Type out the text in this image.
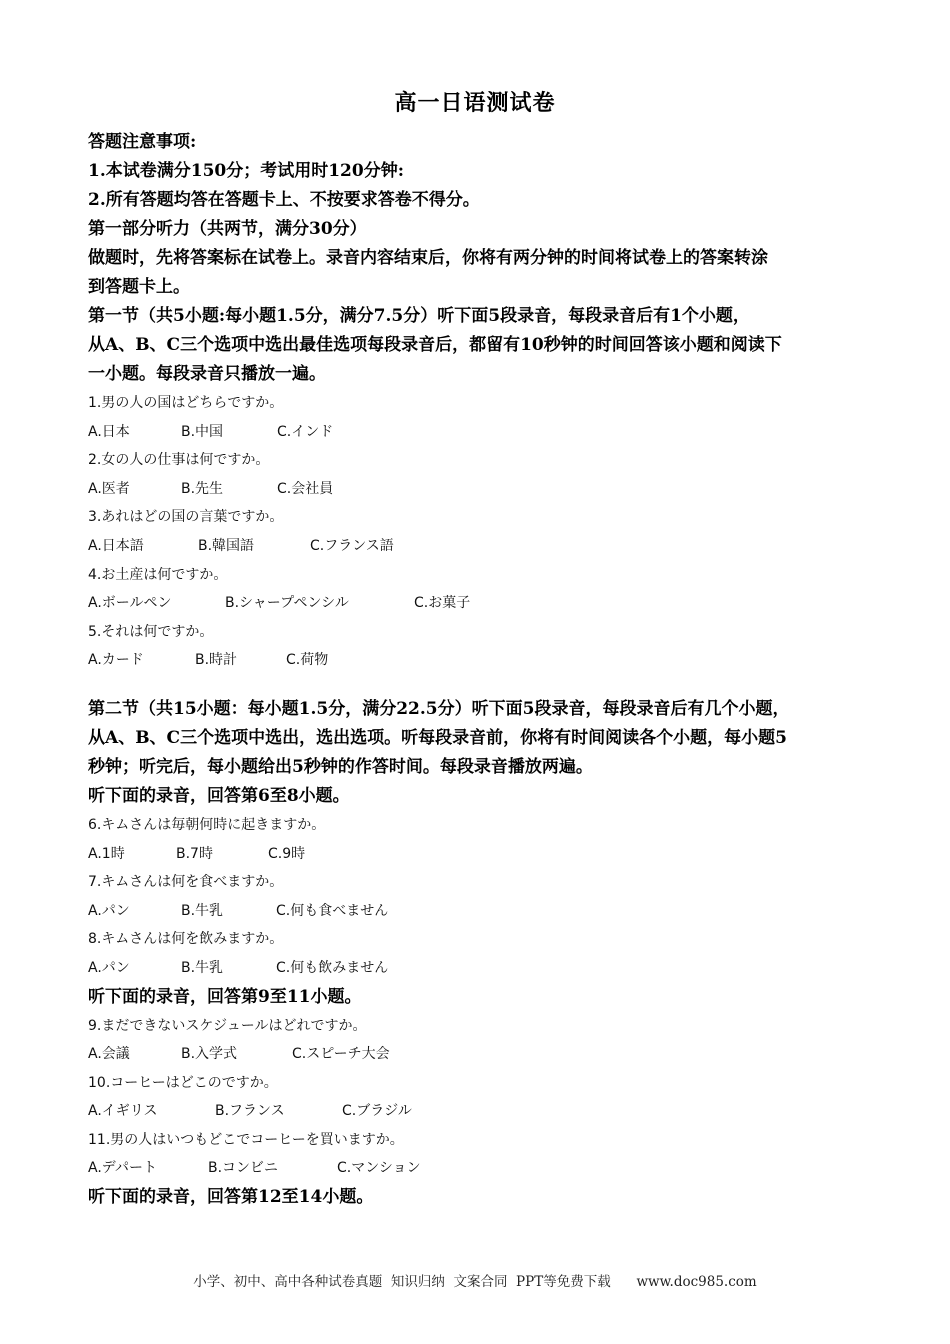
高一日语测试卷
答题注意事项:
1.本试卷满分150分；考试用时120分钟:
2.所有答题均答在答题卡上、不按要求答卷不得分。
第一部分听力（共两节，满分30分）
做题时，先将答案标在试卷上。录音内容结束后，你将有两分钟的时间将试卷上的答案转涂
到答题卡上。
第一节（共5小题:每小题1.5分，满分7.5分）听下面5段录音，每段录音后有1个小题，
从A、B、C三个选项中选出最佳选项每段录音后，都留有10秒钟的时间回答该小题和阅读下
一小题。每段录音只播放一遍。
1.男の人の国はどちらですか。
A.日本	B.中国	C.インド
2.女の人の仕事は何ですか。
A.医者	B.先生	C.会社員
3.あれはどの国の言葉ですか。
A.日本語	B.韓国語	C.フランス語
4.お土産は何ですか。
A.ボールペン	B.シャープペンシル	C.お菓子
5.それは何ですか。
A.カード	B.時計	C.荷物
第二节（共15小题：每小题1.5分，满分22.5分）听下面5段录音，每段录音后有几个小题，
从A、B、C三个选项中选出，选出选项。听每段录音前，你将有时间阅读各个小题，每小题5
秒钟；听完后，每小题给出5秒钟的作答时间。每段录音播放两遍。
听下面的录音，回答第6至8小题。
6.キムさんは毎朝何時に起きますか。
A.1時	B.7時	C.9時
7.キムさんは何を食べますか。
A.パン	B.牛乳	C.何も食べません
8.キムさんは何を飲みますか。
A.パン	B.牛乳	C.何も飲みません
听下面的录音，回答第9至11小题。
9.まだできないスケジュールはどれですか。
A.会議	B.入学式	C.スピーチ大会
10.コーヒーはどこのですか。
A.イギリス	B.フランス	C.ブラジル
11.男の人はいつもどこでコーヒーを買いますか。
A.デパート	B.コンビニ	C.マンション
听下面的录音，回答第12至14小题。
小学、初中、高中各种试卷真题  知识归纳  文案合同  PPT等免费下载      www.doc985.com
